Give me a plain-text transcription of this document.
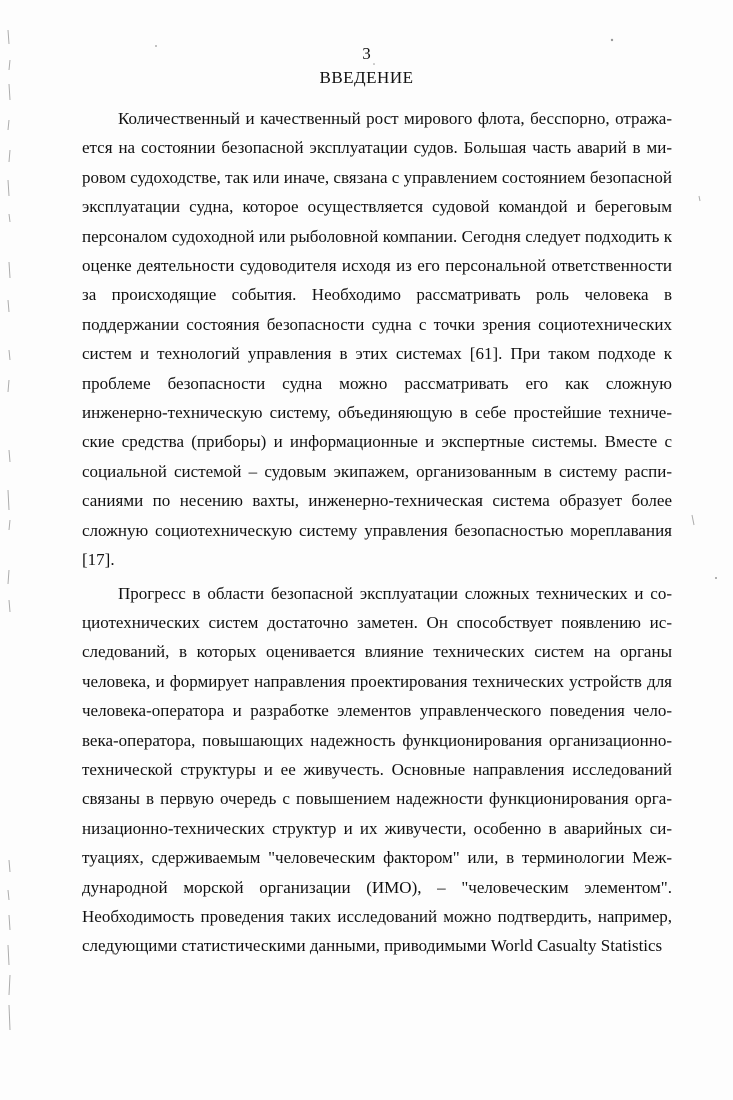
3
ВВЕДЕНИЕ

Количественный и качественный рост мирового флота, бесспорно, отражается на состоянии безопасной эксплуатации судов. Большая часть аварий в мировом судоходстве, так или иначе, связана с управлением состоянием безопасной эксплуатации судна, которое осуществляется судовой командой и береговым персоналом судоходной или рыболовной компании. Сегодня следует подходить к оценке деятельности судоводителя исходя из его персональной ответственности за происходящие события. Необходимо рассматривать роль человека в поддержании состояния безопасности судна с точки зрения социотехнических систем и технологий управления в этих системах [61]. При таком подходе к проблеме безопасности судна можно рассматривать его как сложную инженерно-техническую систему, объединяющую в себе простейшие технические средства (приборы) и информационные и экспертные системы. Вместе с социальной системой – судовым экипажем, организованным в систему расписаниями по несению вахты, инженерно-техническая система образует более сложную социотехническую систему управления безопасностью мореплавания [17].

Прогресс в области безопасной эксплуатации сложных технических и социотехнических систем достаточно заметен. Он способствует появлению исследований, в которых оценивается влияние технических систем на органы человека, и формирует направления проектирования технических устройств для человека-оператора и разработке элементов управленческого поведения человека-оператора, повышающих надежность функционирования организационно-технической структуры и ее живучесть. Основные направления исследований связаны в первую очередь с повышением надежности функционирования организационно-технических структур и их живучести, особенно в аварийных ситуациях, сдерживаемым "человеческим фактором" или, в терминологии Международной морской организации (ИМО), – "человеческим элементом". Необходимость проведения таких исследований можно подтвердить, например, следующими статистическими данными, приводимыми World Casualty Statistics
